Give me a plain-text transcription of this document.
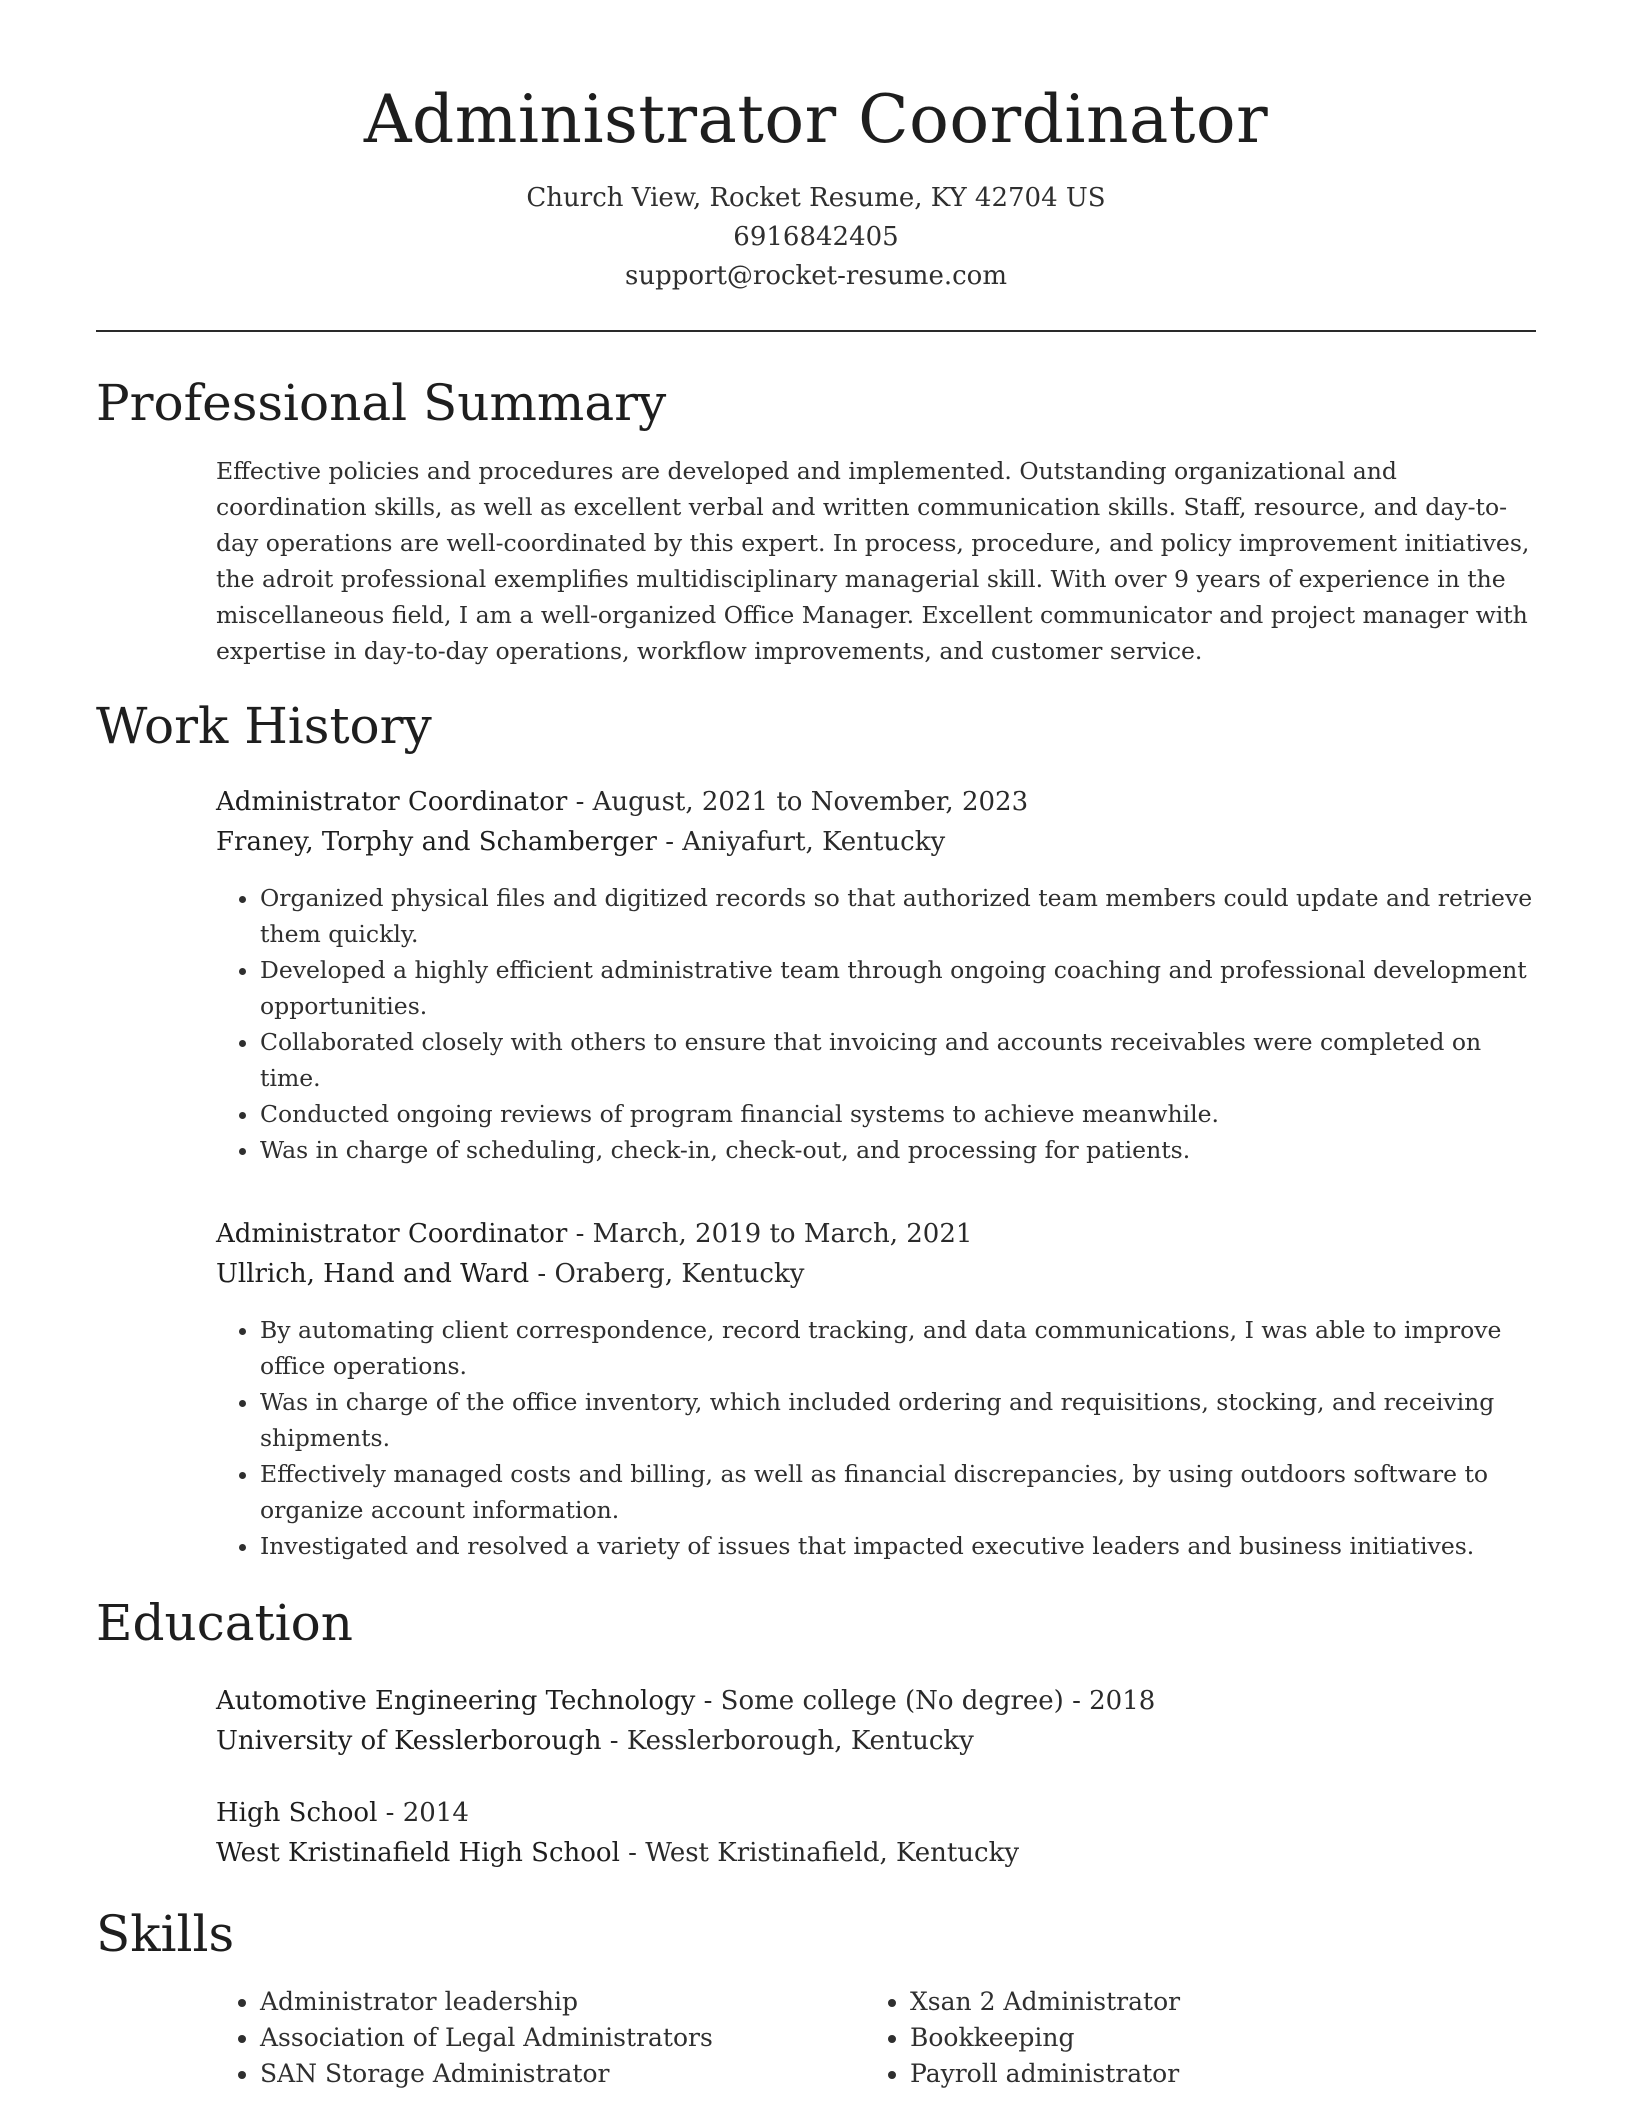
Administrator Coordinator
Church View, Rocket Resume, KY 42704 US
6916842405
support@rocket-resume.com
Professional Summary
Effective policies and procedures are developed and implemented. Outstanding organizational and coordination skills, as well as excellent verbal and written communication skills. Staff, resource, and day-to-day operations are well-coordinated by this expert. In process, procedure, and policy improvement initiatives, the adroit professional exemplifies multidisciplinary managerial skill. With over 9 years of experience in the miscellaneous field, I am a well-organized Office Manager. Excellent communicator and project manager with expertise in day-to-day operations, workflow improvements, and customer service.
Work History
Administrator Coordinator - August, 2021 to November, 2023
Franey, Torphy and Schamberger - Aniyafurt, Kentucky
• Organized physical files and digitized records so that authorized team members could update and retrieve them quickly.
• Developed a highly efficient administrative team through ongoing coaching and professional development opportunities.
• Collaborated closely with others to ensure that invoicing and accounts receivables were completed on time.
• Conducted ongoing reviews of program financial systems to achieve meanwhile.
• Was in charge of scheduling, check-in, check-out, and processing for patients.
Administrator Coordinator - March, 2019 to March, 2021
Ullrich, Hand and Ward - Oraberg, Kentucky
• By automating client correspondence, record tracking, and data communications, I was able to improve office operations.
• Was in charge of the office inventory, which included ordering and requisitions, stocking, and receiving shipments.
• Effectively managed costs and billing, as well as financial discrepancies, by using outdoors software to organize account information.
• Investigated and resolved a variety of issues that impacted executive leaders and business initiatives.
Education
Automotive Engineering Technology - Some college (No degree) - 2018
University of Kesslerborough - Kesslerborough, Kentucky
High School - 2014
West Kristinafield High School - West Kristinafield, Kentucky
Skills
• Administrator leadership
• Association of Legal Administrators
• SAN Storage Administrator
• Xsan 2 Administrator
• Bookkeeping
• Payroll administrator
